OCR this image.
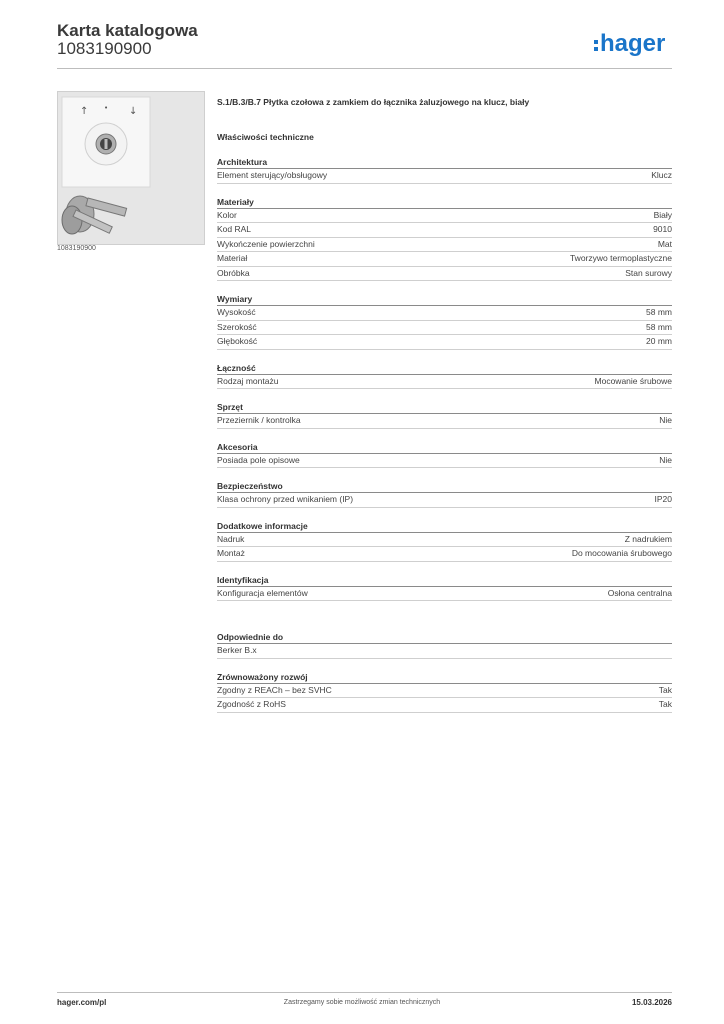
Karta katalogowa
1083190900	hager
↑ • ↓
1083190900
S.1/B.3/B.7 Płytka czołowa z zamkiem do łącznika żaluzjowego na klucz, biały
Właściwości techniczne
Architektura
Element sterujący/obsługowy	Klucz
Materiały
Kolor	Biały
Kod RAL	9010
Wykończenie powierzchni	Mat
Materiał	Tworzywo termoplastyczne
Obróbka	Stan surowy
Wymiary
Wysokość	58 mm
Szerokość	58 mm
Głębokość	20 mm
Łączność
Rodzaj montażu	Mocowanie śrubowe
Sprzęt
Przeziernik / kontrolka	Nie
Akcesoria
Posiada pole opisowe	Nie
Bezpieczeństwo
Klasa ochrony przed wnikaniem (IP)	IP20
Dodatkowe informacje
Nadruk	Z nadrukiem
Montaż	Do mocowania śrubowego
Identyfikacja
Konfiguracja elementów	Osłona centralna
Odpowiednie do
Berker B.x
Zrównoważony rozwój
Zgodny z REACh – bez SVHC	Tak
Zgodność z RoHS	Tak
hager.com/pl	Zastrzegamy sobie możliwość zmian technicznych	15.03.2026
